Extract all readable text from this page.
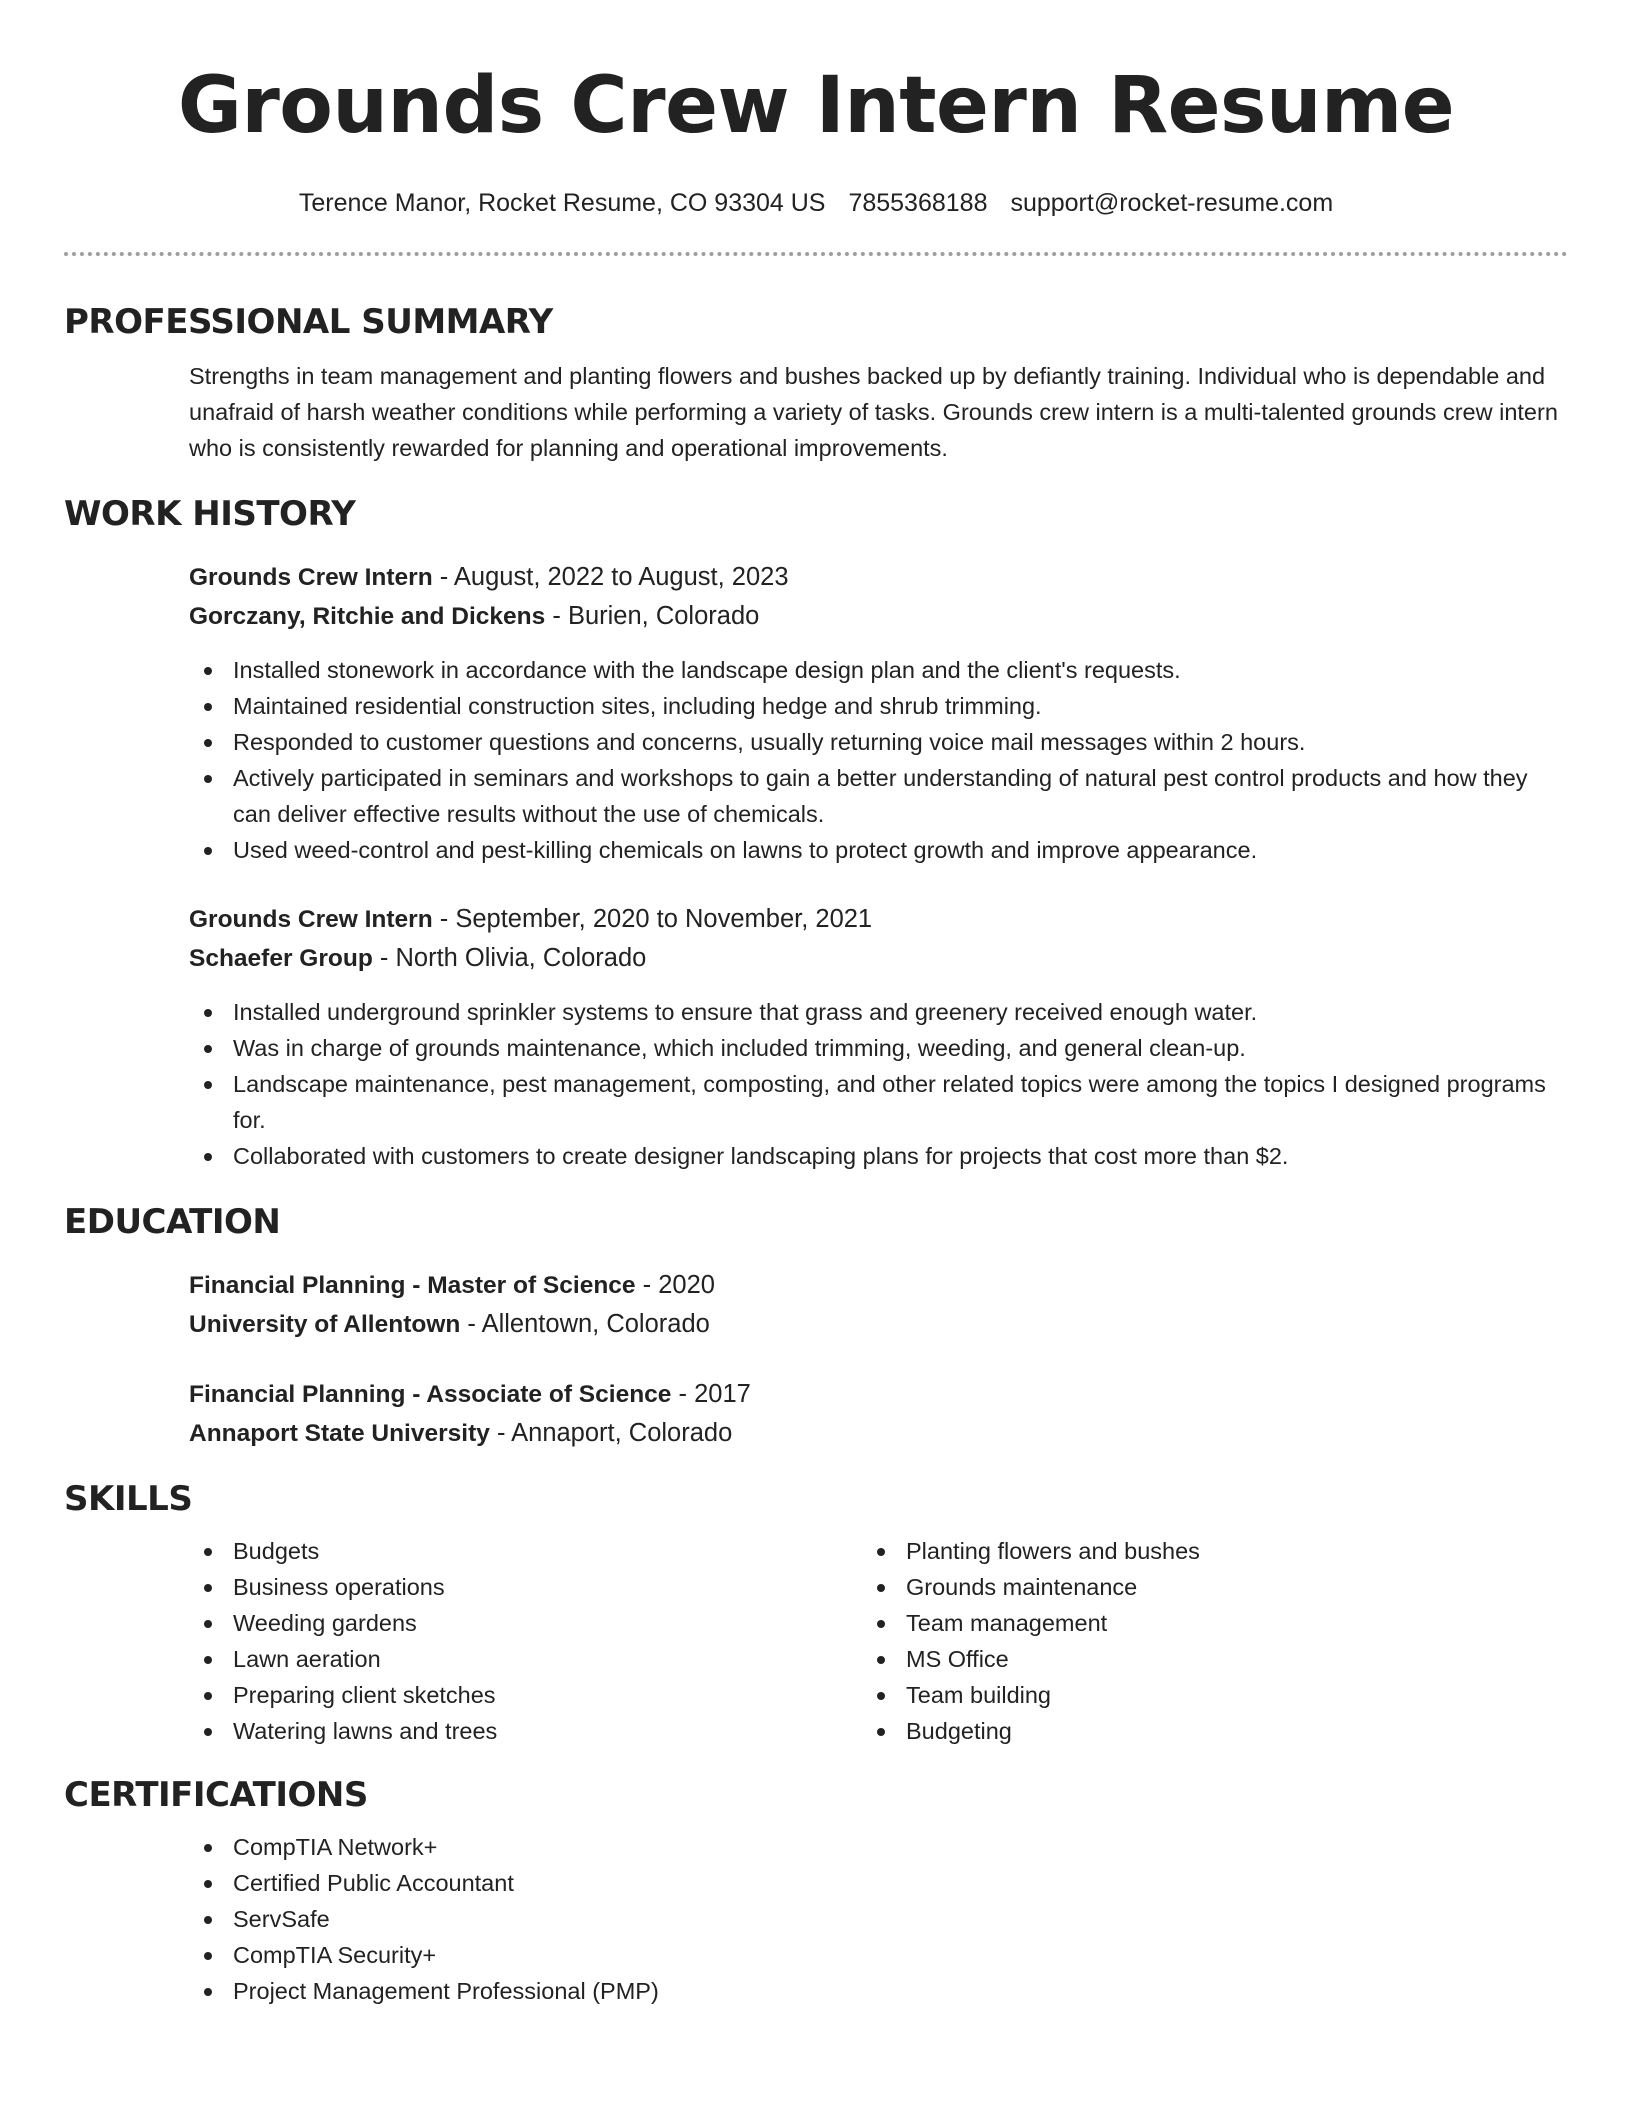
Grounds Crew Intern Resume
Terence Manor, Rocket Resume, CO 93304 US 7855368188 support@rocket-resume.com
PROFESSIONAL SUMMARY
Strengths in team management and planting flowers and bushes backed up by defiantly training. Individual who is dependable and unafraid of harsh weather conditions while performing a variety of tasks. Grounds crew intern is a multi-talented grounds crew intern who is consistently rewarded for planning and operational improvements.
WORK HISTORY
Grounds Crew Intern - August, 2022 to August, 2023
Gorczany, Ritchie and Dickens - Burien, Colorado
Installed stonework in accordance with the landscape design plan and the client's requests.
Maintained residential construction sites, including hedge and shrub trimming.
Responded to customer questions and concerns, usually returning voice mail messages within 2 hours.
Actively participated in seminars and workshops to gain a better understanding of natural pest control products and how they can deliver effective results without the use of chemicals.
Used weed-control and pest-killing chemicals on lawns to protect growth and improve appearance.
Grounds Crew Intern - September, 2020 to November, 2021
Schaefer Group - North Olivia, Colorado
Installed underground sprinkler systems to ensure that grass and greenery received enough water.
Was in charge of grounds maintenance, which included trimming, weeding, and general clean-up.
Landscape maintenance, pest management, composting, and other related topics were among the topics I designed programs for.
Collaborated with customers to create designer landscaping plans for projects that cost more than $2.
EDUCATION
Financial Planning - Master of Science - 2020
University of Allentown - Allentown, Colorado
Financial Planning - Associate of Science - 2017
Annaport State University - Annaport, Colorado
SKILLS
Budgets
Business operations
Weeding gardens
Lawn aeration
Preparing client sketches
Watering lawns and trees
Planting flowers and bushes
Grounds maintenance
Team management
MS Office
Team building
Budgeting
CERTIFICATIONS
CompTIA Network+
Certified Public Accountant
ServSafe
CompTIA Security+
Project Management Professional (PMP)
